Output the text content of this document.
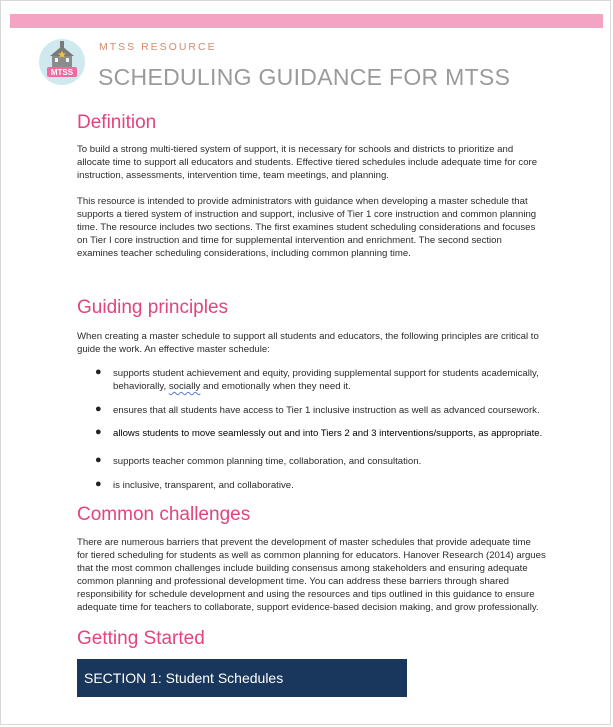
MTSS
MTSS RESOURCE
SCHEDULING GUIDANCE FOR MTSS
Definition

To build a strong multi-tiered system of support, it is necessary for schools and districts to prioritize and
allocate time to support all educators and students. Effective tiered schedules include adequate time for core
instruction, assessments, intervention time, team meetings, and planning.

This resource is intended to provide administrators with guidance when developing a master schedule that
supports a tiered system of instruction and support, inclusive of Tier 1 core instruction and common planning
time. The resource includes two sections. The first examines student scheduling considerations and focuses
on Tier I core instruction and time for supplemental intervention and enrichment. The second section
examines teacher scheduling considerations, including common planning time.

Guiding principles

When creating a master schedule to support all students and educators, the following principles are critical to
guide the work. An effective master schedule:

● supports student achievement and equity, providing supplemental support for students academically,
behaviorally, socially and emotionally when they need it.
● ensures that all students have access to Tier 1 inclusive instruction as well as advanced coursework.
● allows students to move seamlessly out and into Tiers 2 and 3 interventions/supports, as appropriate.
● supports teacher common planning time, collaboration, and consultation.
● is inclusive, transparent, and collaborative.
Common challenges

There are numerous barriers that prevent the development of master schedules that provide adequate time
for tiered scheduling for students as well as common planning for educators. Hanover Research (2014) argues
that the most common challenges include building consensus among stakeholders and ensuring adequate
common planning and professional development time. You can address these barriers through shared
responsibility for schedule development and using the resources and tips outlined in this guidance to ensure
adequate time for teachers to collaborate, support evidence-based decision making, and grow professionally.

Getting Started
SECTION 1: Student Schedules
